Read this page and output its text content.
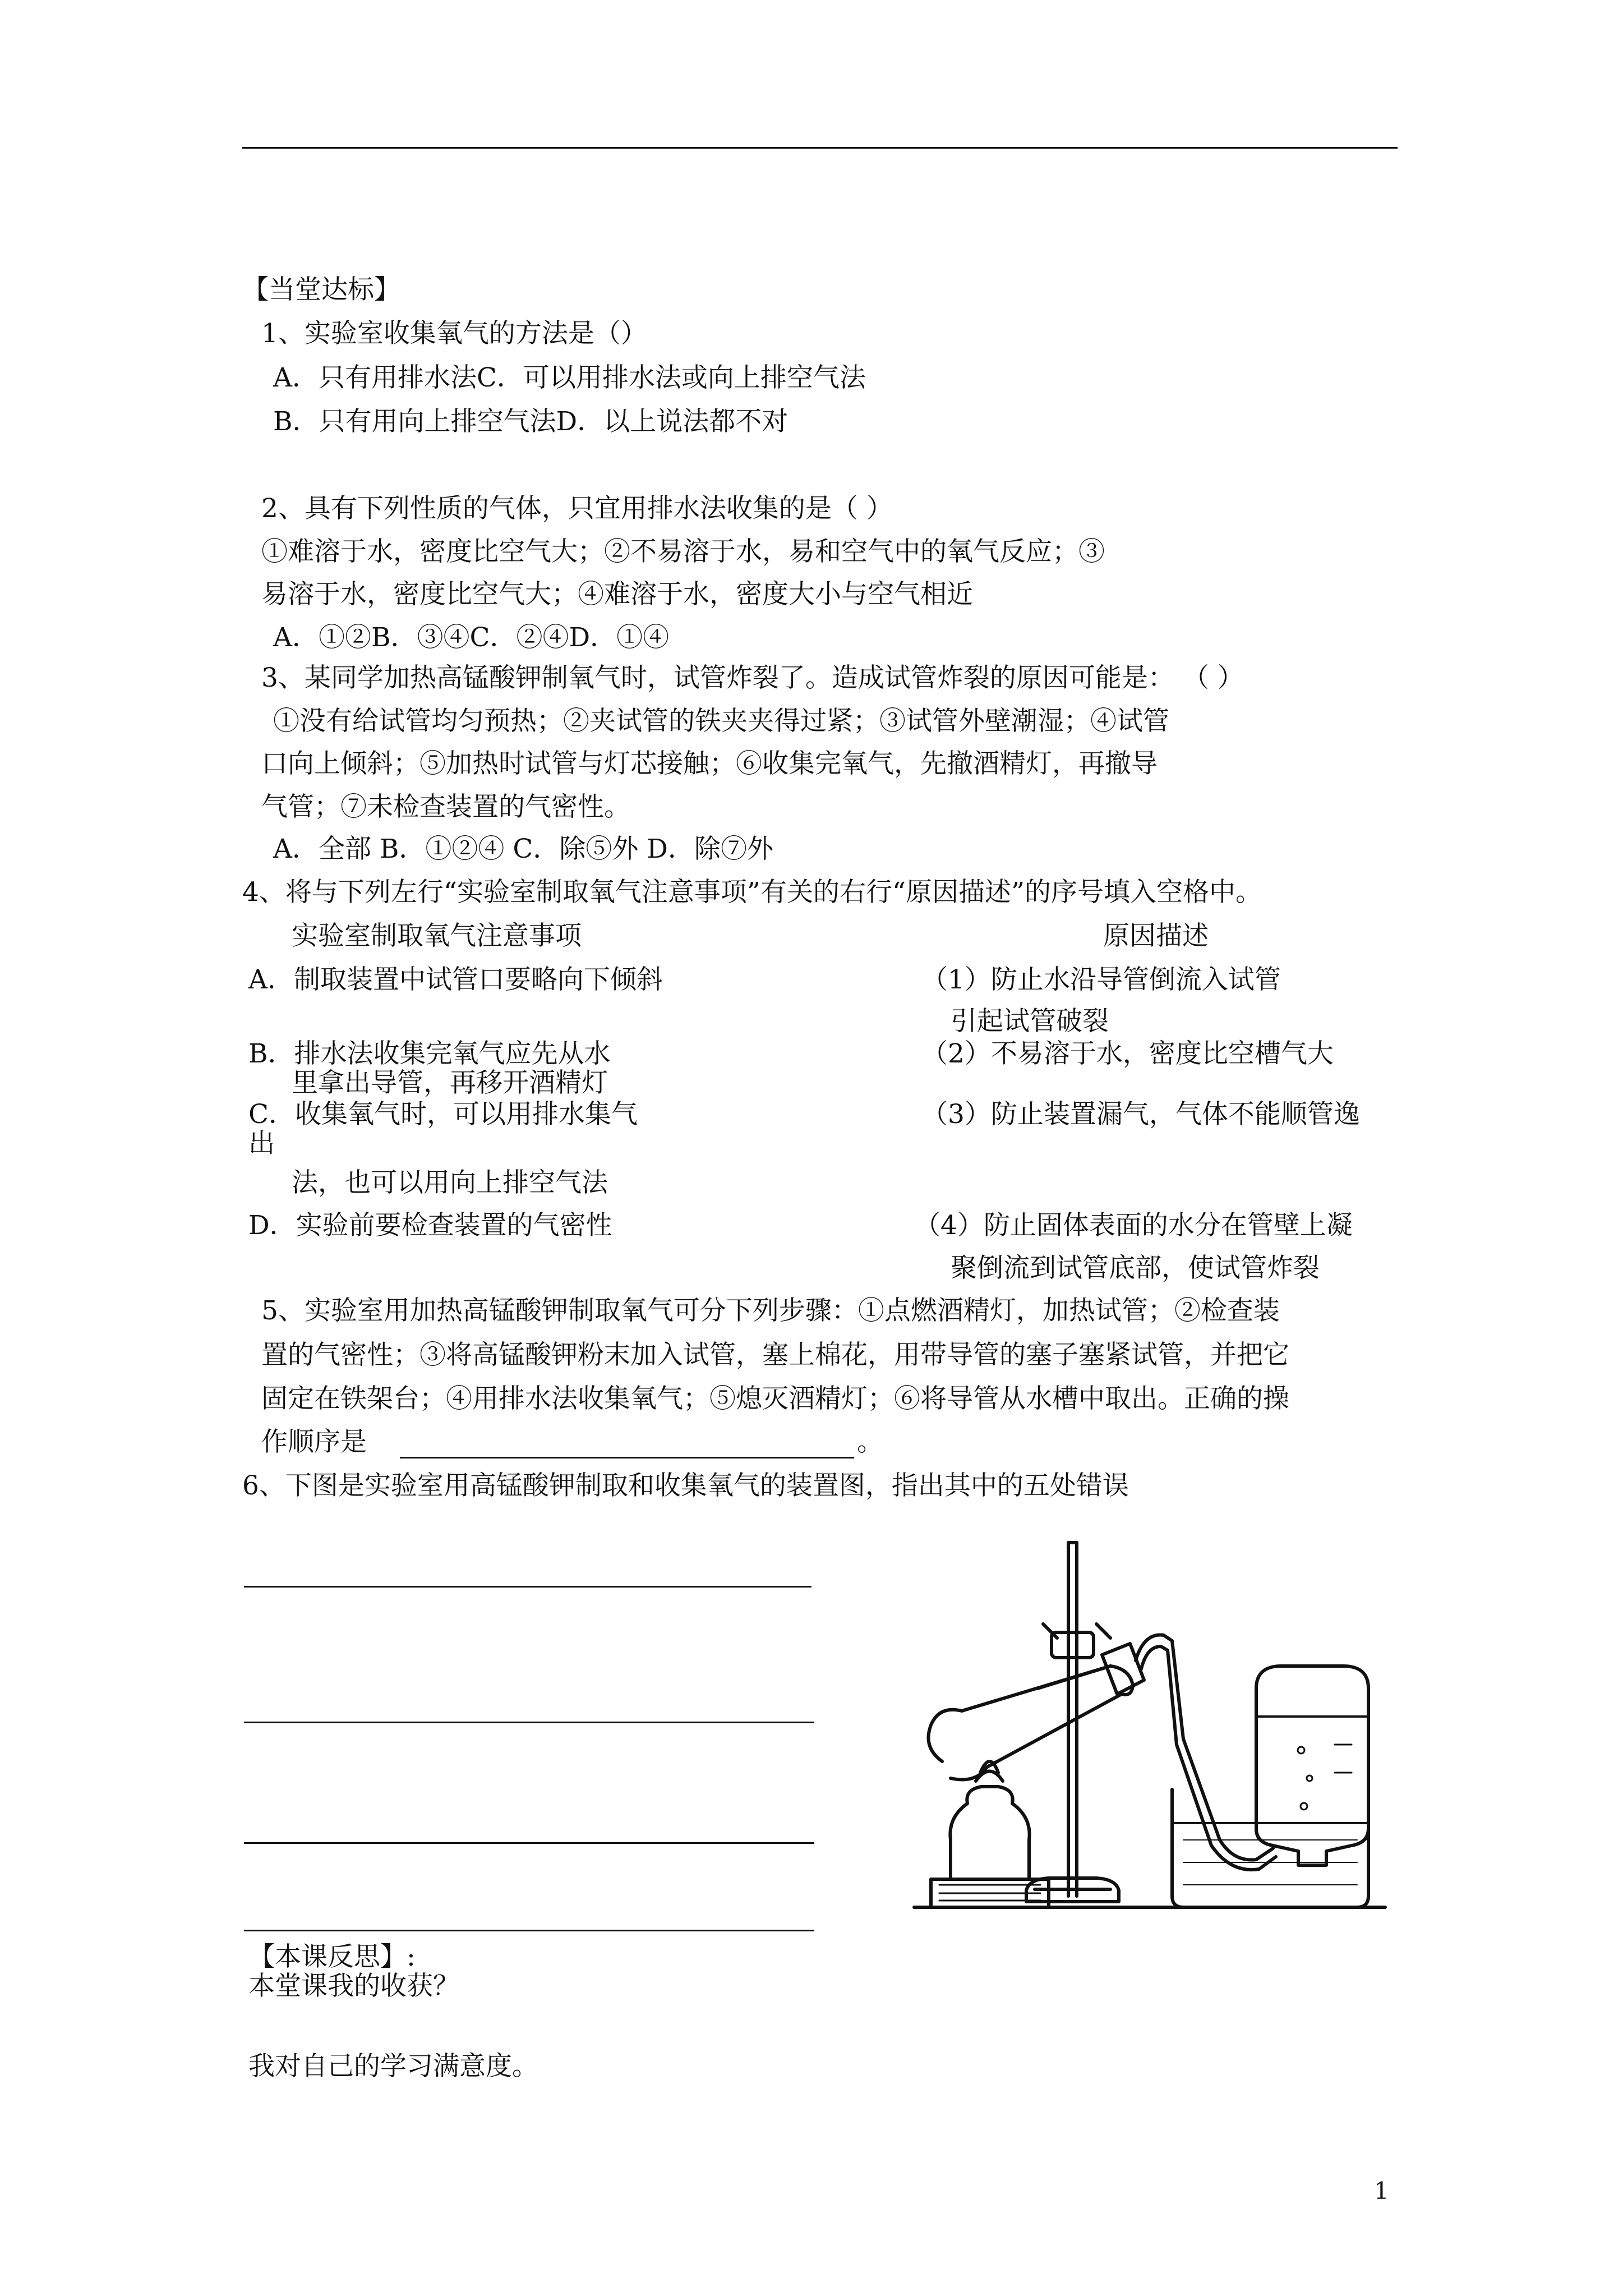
【当堂达标】
1、实验室收集氧气的方法是（）
A．只有用排水法C．可以用排水法或向上排空气法
B．只有用向上排空气法D．以上说法都不对
2、具有下列性质的气体，只宜用排水法收集的是（ ）
①难溶于水，密度比空气大；②不易溶于水，易和空气中的氧气反应；③
易溶于水，密度比空气大；④难溶于水，密度大小与空气相近
A．①②B．③④C．②④D．①④
3、某同学加热高锰酸钾制氧气时，试管炸裂了。造成试管炸裂的原因可能是： （ ）
①没有给试管均匀预热；②夹试管的铁夹夹得过紧；③试管外壁潮湿；④试管
口向上倾斜；⑤加热时试管与灯芯接触；⑥收集完氧气，先撤酒精灯，再撤导
气管；⑦未检查装置的气密性。
A．全部 B．①②④ C．除⑤外 D．除⑦外
4、将与下列左行“实验室制取氧气注意事项”有关的右行“原因描述”的序号填入空格中。
实验室制取氧气注意事项	原因描述
A．制取装置中试管口要略向下倾斜	（1）防止水沿导管倒流入试管
引起试管破裂
B．排水法收集完氧气应先从水	（2）不易溶于水，密度比空槽气大
里拿出导管，再移开酒精灯
C．收集氧气时，可以用排水集气	（3）防止装置漏气，气体不能顺管逸
出
法，也可以用向上排空气法
D．实验前要检查装置的气密性	（4）防止固体表面的水分在管壁上凝
聚倒流到试管底部，使试管炸裂
5、实验室用加热高锰酸钾制取氧气可分下列步骤：①点燃酒精灯，加热试管；②检查装
置的气密性；③将高锰酸钾粉末加入试管，塞上棉花，用带导管的塞子塞紧试管，并把它
固定在铁架台；④用排水法收集氧气；⑤熄灭酒精灯；⑥将导管从水槽中取出。正确的操
作顺序是	。
6、下图是实验室用高锰酸钾制取和收集氧气的装置图，指出其中的五处错误
【本课反思】:
本堂课我的收获？
我对自己的学习满意度。
1
